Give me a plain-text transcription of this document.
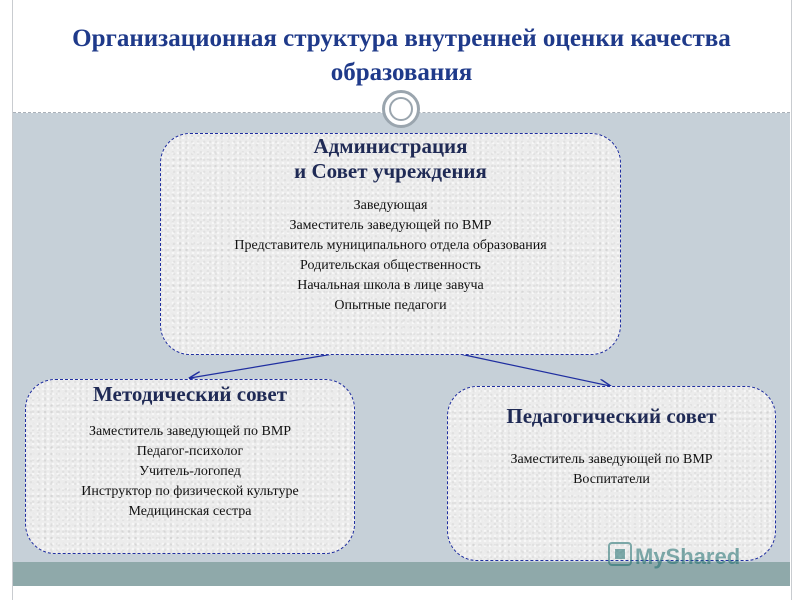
Организационная структура внутренней оценки качества образования
Администрация
и Совет учреждения
Заведующая
Заместитель заведующей по ВМР
Представитель муниципального отдела образования
Родительская общественность
Начальная школа в лице завуча
Опытные педагоги
Методический совет
Заместитель заведующей по ВМР
Педагог-психолог
Учитель-логопед
Инструктор по физической культуре
Медицинская сестра
Педагогический совет
Заместитель заведующей по ВМР
Воспитатели
MyShared
